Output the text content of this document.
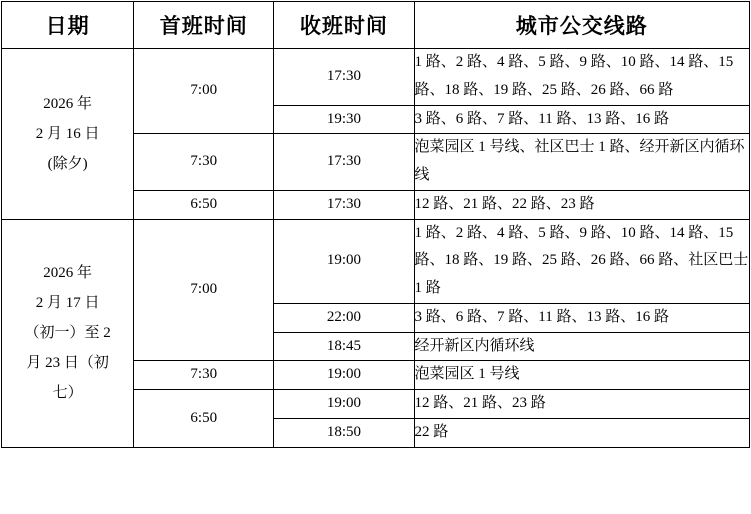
日期	首班时间	收班时间	城市公交线路

2026 年
2 月 16 日
(除夕)	7:00	17:30	1 路、2 路、4 路、5 路、9 路、10 路、14 路、15 路、18 路、19 路、25 路、26 路、66 路
		19:30	3 路、6 路、7 路、11 路、13 路、16 路
	7:30	17:30	泡菜园区 1 号线、社区巴士 1 路、经开新区内循环线
	6:50	17:30	12 路、21 路、22 路、23 路

2026 年
2 月 17 日
（初一）至 2
月 23 日（初
七）	7:00	19:00	1 路、2 路、4 路、5 路、9 路、10 路、14 路、15 路、18 路、19 路、25 路、26 路、66 路、社区巴士 1 路
		22:00	3 路、6 路、7 路、11 路、13 路、16 路
		18:45	经开新区内循环线
	7:30	19:00	泡菜园区 1 号线
	6:50	19:00	12 路、21 路、23 路
		18:50	22 路
